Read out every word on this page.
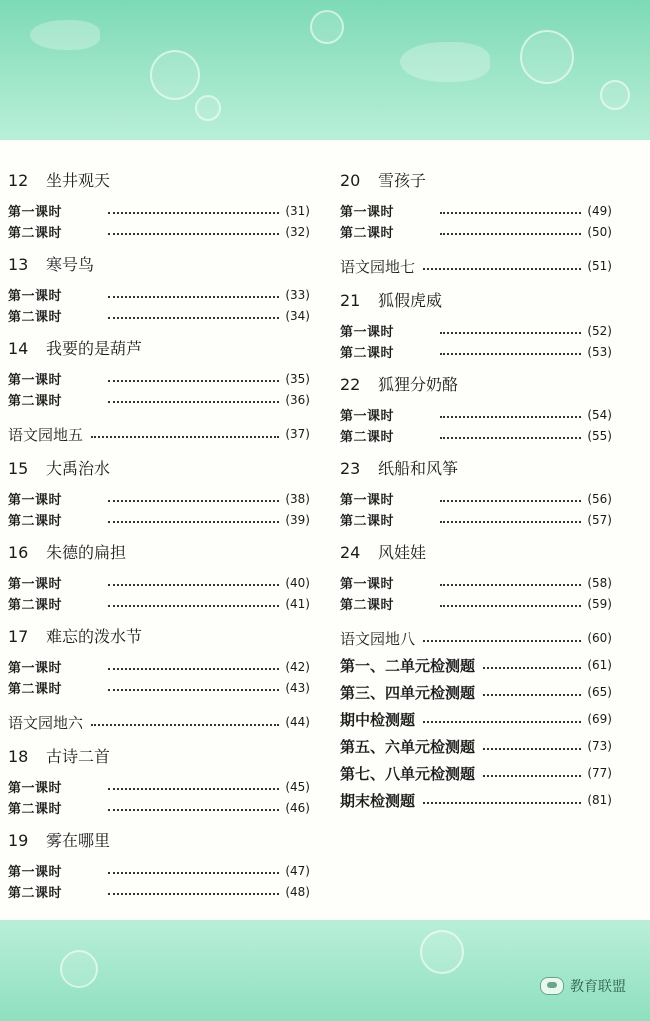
12 坐井观天
第一课时	(31)
第二课时	(32)
13 寒号鸟
第一课时	(33)
第二课时	(34)
14 我要的是葫芦
第一课时	(35)
第二课时	(36)
语文园地五	(37)
15 大禹治水
第一课时	(38)
第二课时	(39)
16 朱德的扁担
第一课时	(40)
第二课时	(41)
17 难忘的泼水节
第一课时	(42)
第二课时	(43)
语文园地六	(44)
18 古诗二首
第一课时	(45)
第二课时	(46)
19 雾在哪里
第一课时	(47)
第二课时	(48)
20 雪孩子
第一课时	(49)
第二课时	(50)
语文园地七	(51)
21 狐假虎威
第一课时	(52)
第二课时	(53)
22 狐狸分奶酪
第一课时	(54)
第二课时	(55)
23 纸船和风筝
第一课时	(56)
第二课时	(57)
24 风娃娃
第一课时	(58)
第二课时	(59)
语文园地八	(60)
第一、二单元检测题	(61)
第三、四单元检测题	(65)
期中检测题	(69)
第五、六单元检测题	(73)
第七、八单元检测题	(77)
期末检测题	(81)
教育联盟
